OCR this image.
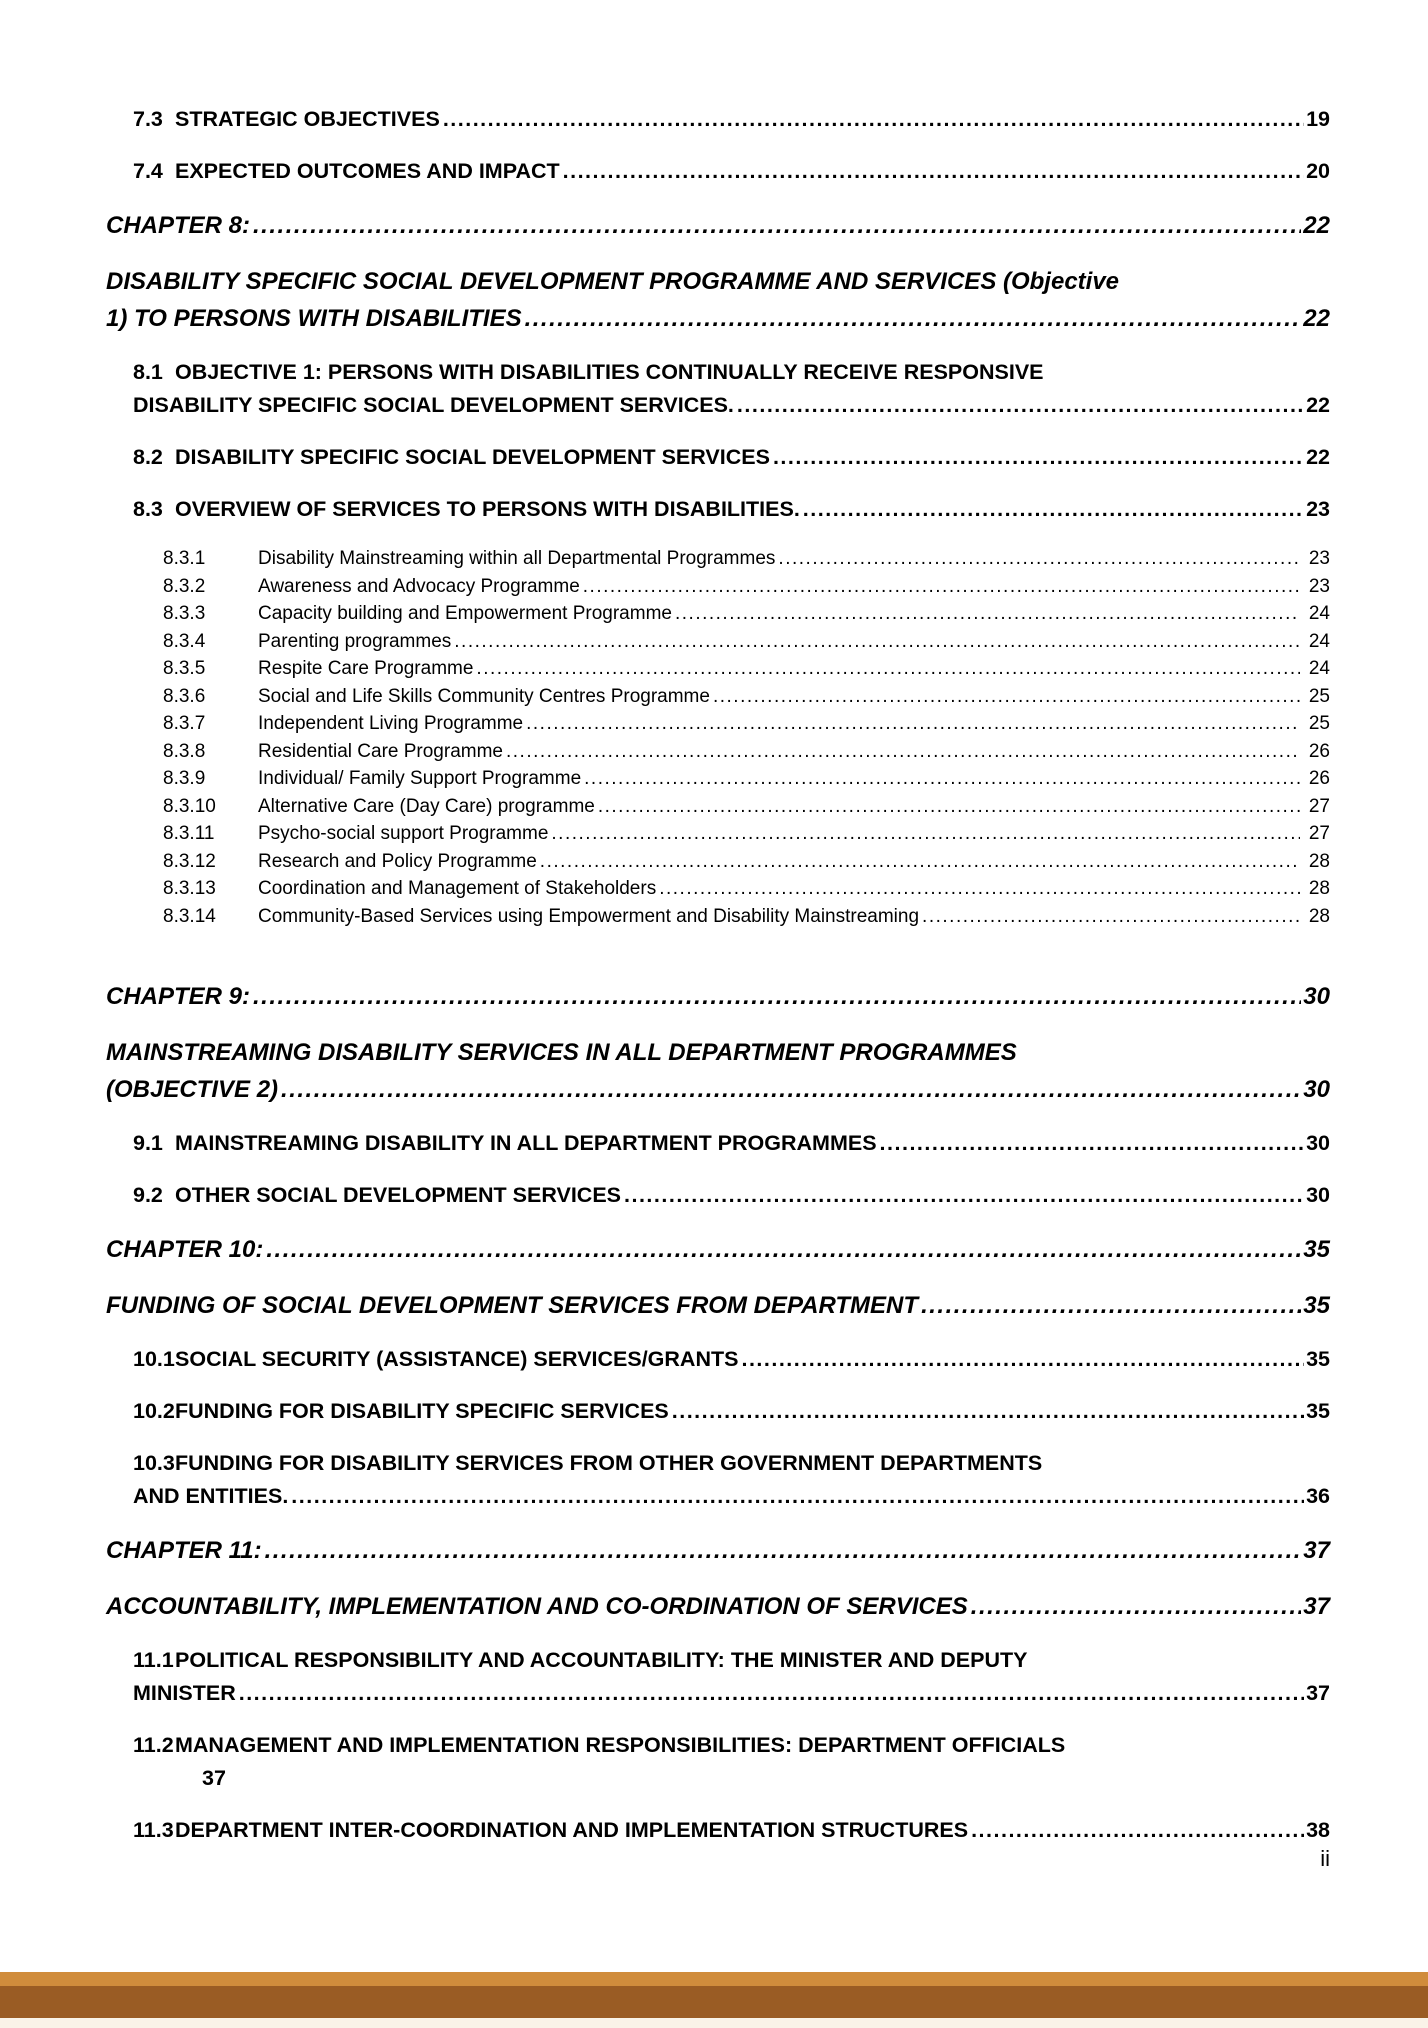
7.3 STRATEGIC OBJECTIVES .....	19
7.4 EXPECTED OUTCOMES AND IMPACT .....	20
CHAPTER 8: .....	22
DISABILITY SPECIFIC SOCIAL DEVELOPMENT PROGRAMME AND SERVICES (Objective
1) TO PERSONS WITH DISABILITIES .....	22
8.1 OBJECTIVE 1: PERSONS WITH DISABILITIES CONTINUALLY RECEIVE RESPONSIVE
DISABILITY SPECIFIC SOCIAL DEVELOPMENT SERVICES. .....	22
8.2 DISABILITY SPECIFIC SOCIAL DEVELOPMENT SERVICES .....	22
8.3 OVERVIEW OF SERVICES TO PERSONS WITH DISABILITIES. .....	23
8.3.1	Disability Mainstreaming within all Departmental Programmes .....	23
8.3.2	Awareness and Advocacy Programme .....	23
8.3.3	Capacity building and Empowerment Programme .....	24
8.3.4	Parenting programmes .....	24
8.3.5	Respite Care Programme .....	24
8.3.6	Social and Life Skills Community Centres Programme .....	25
8.3.7	Independent Living Programme .....	25
8.3.8	Residential Care Programme .....	26
8.3.9	Individual/ Family Support Programme .....	26
8.3.10	Alternative Care (Day Care) programme .....	27
8.3.11	Psycho-social support Programme .....	27
8.3.12	Research and Policy Programme .....	28
8.3.13	Coordination and Management of Stakeholders .....	28
8.3.14	Community-Based Services using Empowerment and Disability Mainstreaming .....	28
CHAPTER 9: .....	30
MAINSTREAMING DISABILITY SERVICES IN ALL DEPARTMENT PROGRAMMES
(OBJECTIVE 2) .....	30
9.1 MAINSTREAMING DISABILITY IN ALL DEPARTMENT PROGRAMMES .....	30
9.2 OTHER SOCIAL DEVELOPMENT SERVICES .....	30
CHAPTER 10: .....	35
FUNDING OF SOCIAL DEVELOPMENT SERVICES FROM DEPARTMENT .....	35
10.1 SOCIAL SECURITY (ASSISTANCE) SERVICES/GRANTS .....	35
10.2 FUNDING FOR DISABILITY SPECIFIC SERVICES .....	35
10.3 FUNDING FOR DISABILITY SERVICES FROM OTHER GOVERNMENT DEPARTMENTS
AND ENTITIES. .....	36
CHAPTER 11: .....	37
ACCOUNTABILITY, IMPLEMENTATION AND CO-ORDINATION OF SERVICES .....	37
11.1 POLITICAL RESPONSIBILITY AND ACCOUNTABILITY: THE MINISTER AND DEPUTY
MINISTER .....	37
11.2 MANAGEMENT AND IMPLEMENTATION RESPONSIBILITIES: DEPARTMENT OFFICIALS
37
11.3 DEPARTMENT INTER-COORDINATION AND IMPLEMENTATION STRUCTURES .....	38
ii
